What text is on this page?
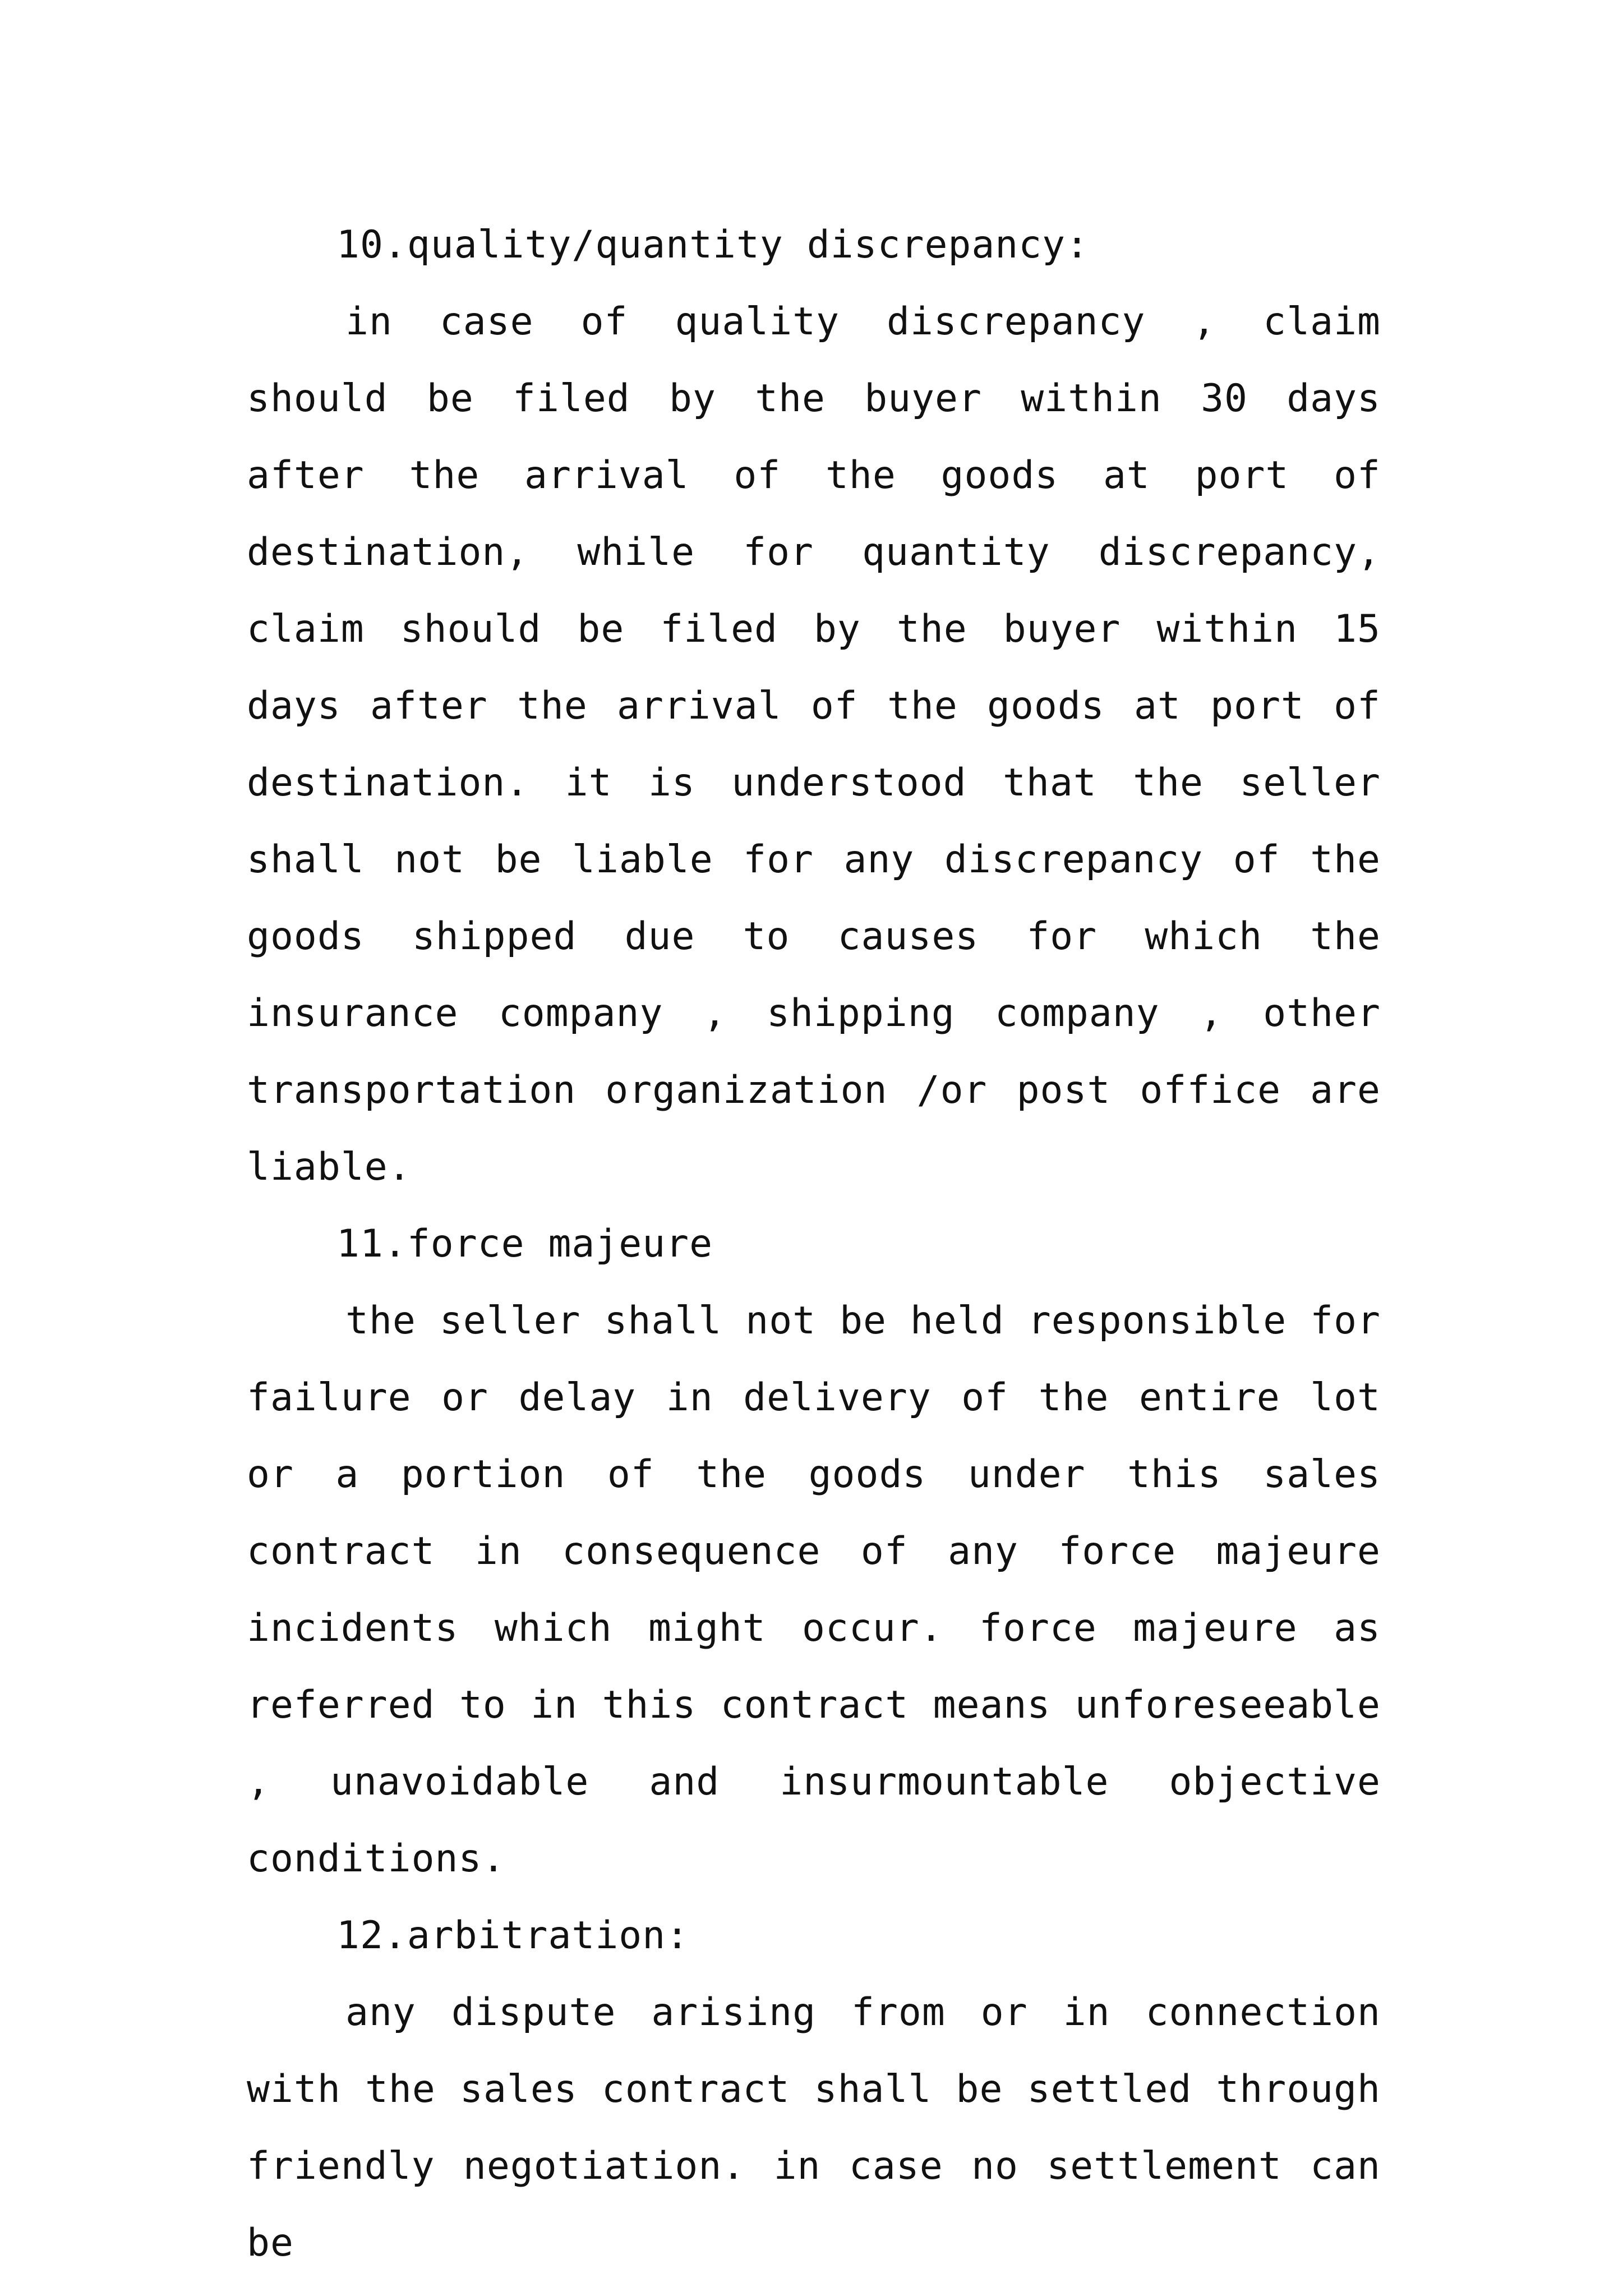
10.quality/quantity discrepancy:

in case of quality discrepancy , claim should be filed by the buyer within 30 days after the arrival of the goods at port of destination, while for quantity discrepancy, claim should be filed by the buyer within 15 days after the arrival of the goods at port of destination. it is understood that the seller shall not be liable for any discrepancy of the goods shipped due to causes for which the insurance company , shipping company , other transportation organization /or post office are liable.

11.force majeure

the seller shall not be held responsible for failure or delay in delivery of the entire lot or a portion of the goods under this sales contract in consequence of any force majeure incidents which might occur. force majeure as referred to in this contract means unforeseeable , unavoidable and insurmountable objective conditions.

12.arbitration:

any dispute arising from or in connection with the sales contract shall be settled through friendly negotiation. in case no settlement can be
